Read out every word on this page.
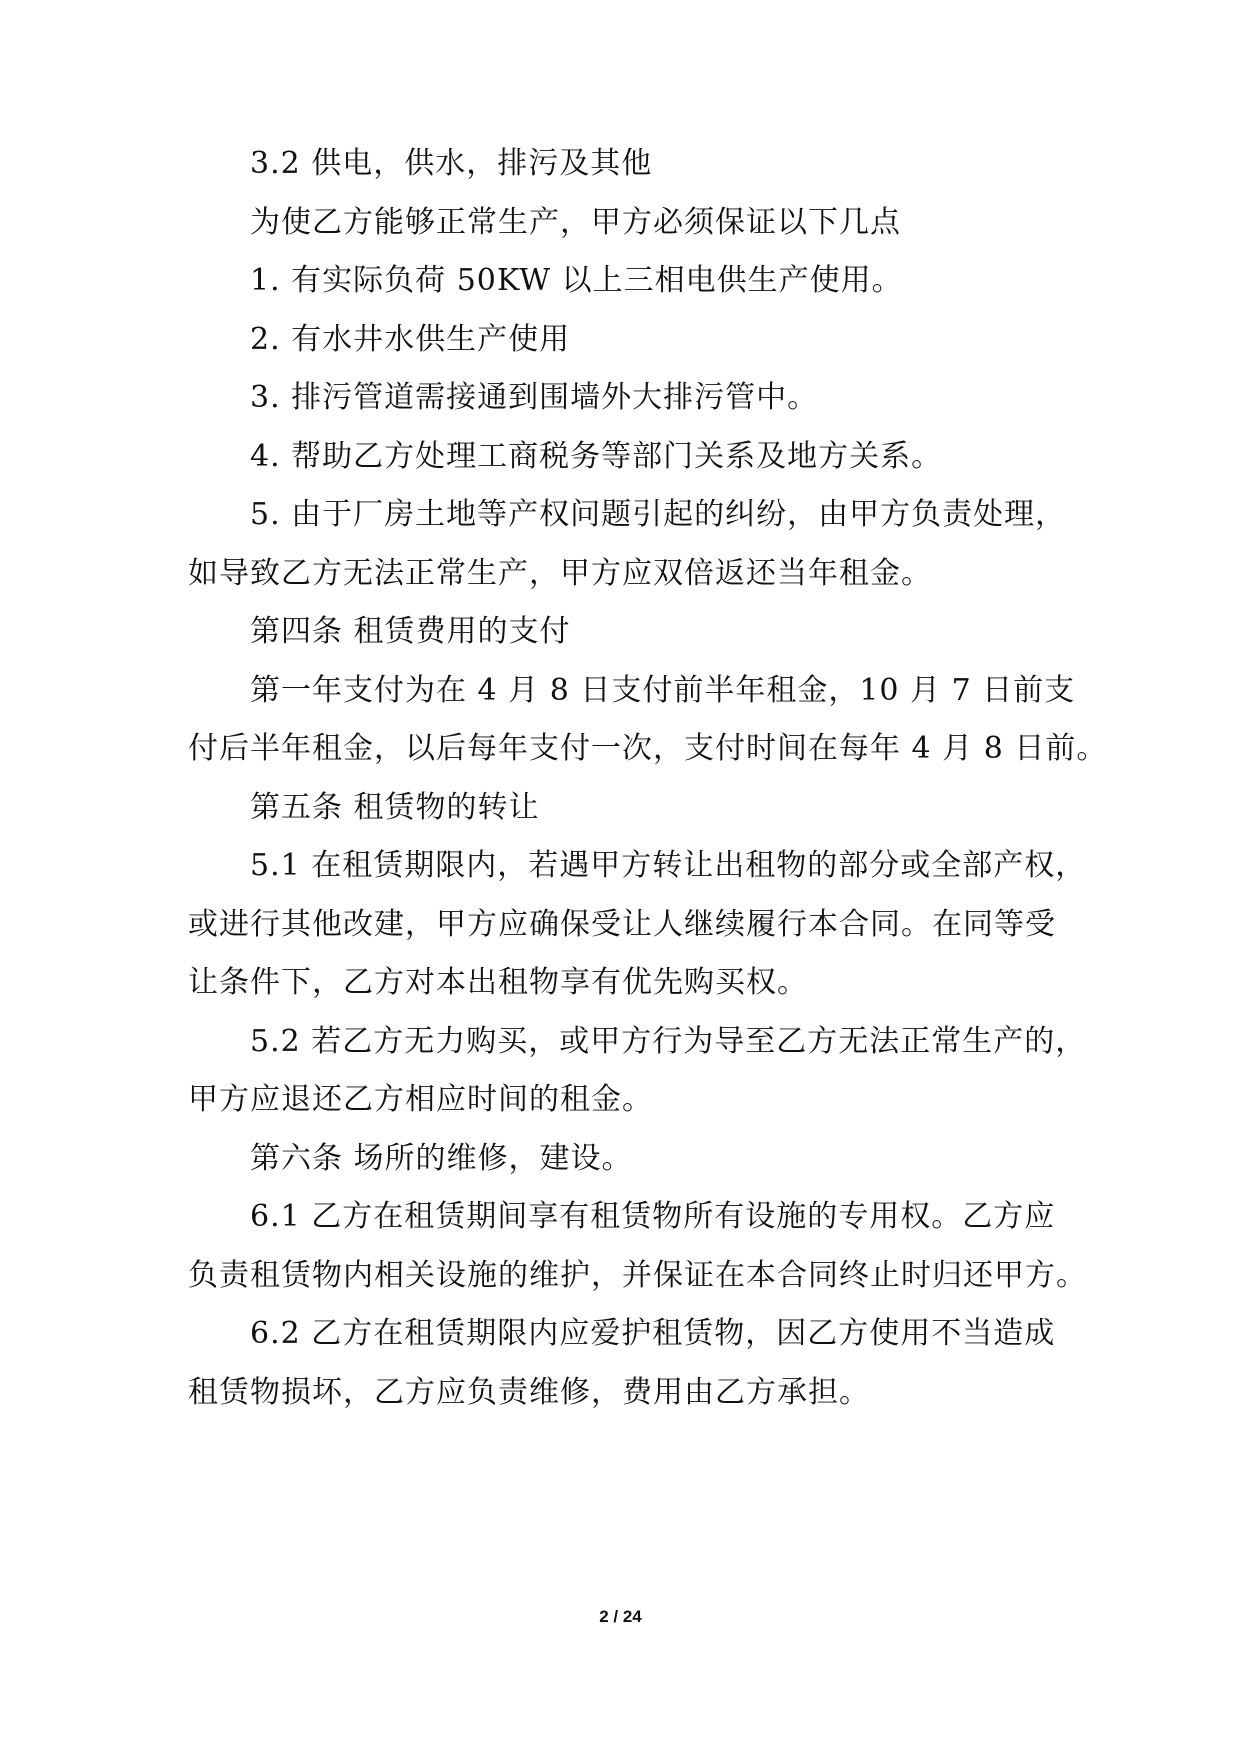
3.2 供电，供水，排污及其他
为使乙方能够正常生产，甲方必须保证以下几点
1. 有实际负荷 50KW 以上三相电供生产使用。
2. 有水井水供生产使用
3. 排污管道需接通到围墙外大排污管中。
4. 帮助乙方处理工商税务等部门关系及地方关系。
5. 由于厂房土地等产权问题引起的纠纷，由甲方负责处理，
如导致乙方无法正常生产，甲方应双倍返还当年租金。
第四条 租赁费用的支付
第一年支付为在 4 月 8 日支付前半年租金，10 月 7 日前支
付后半年租金，以后每年支付一次，支付时间在每年 4 月 8 日前。
第五条 租赁物的转让
5.1 在租赁期限内，若遇甲方转让出租物的部分或全部产权，
或进行其他改建，甲方应确保受让人继续履行本合同。在同等受
让条件下，乙方对本出租物享有优先购买权。
5.2 若乙方无力购买，或甲方行为导至乙方无法正常生产的，
甲方应退还乙方相应时间的租金。
第六条 场所的维修，建设。
6.1 乙方在租赁期间享有租赁物所有设施的专用权。乙方应
负责租赁物内相关设施的维护，并保证在本合同终止时归还甲方。
6.2 乙方在租赁期限内应爱护租赁物，因乙方使用不当造成
租赁物损坏，乙方应负责维修，费用由乙方承担。
2 / 24
